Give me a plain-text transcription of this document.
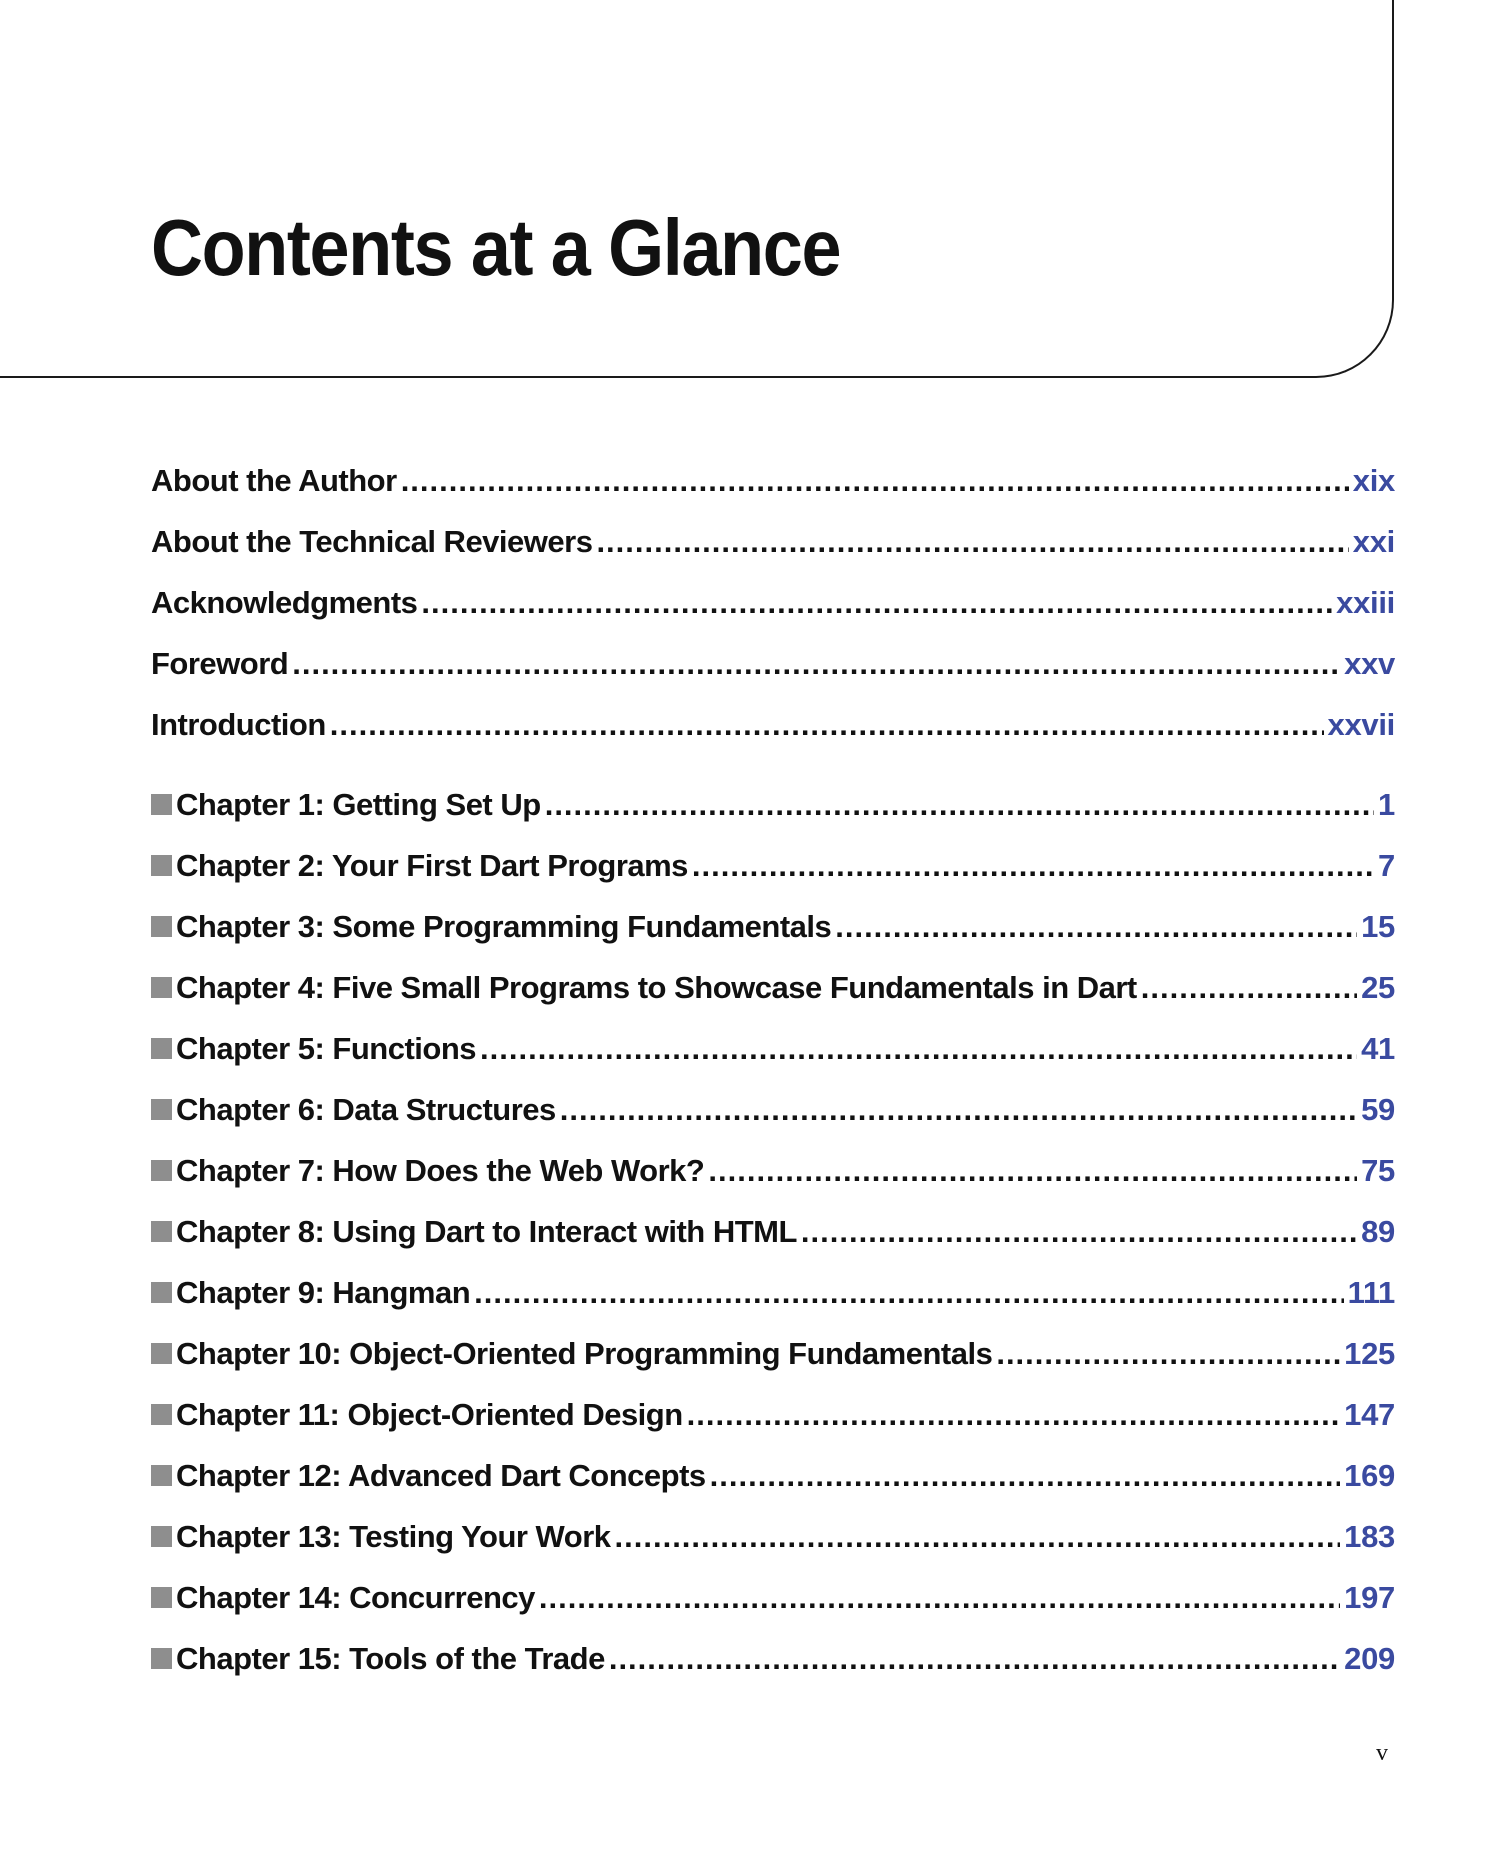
Contents at a Glance
About the Author .....	xix
About the Technical Reviewers .....	xxi
Acknowledgments .....	xxiii
Foreword .....	xxv
Introduction .....	xxvii
Chapter 1: Getting Set Up .....	1
Chapter 2: Your First Dart Programs .....	7
Chapter 3: Some Programming Fundamentals .....	15
Chapter 4: Five Small Programs to Showcase Fundamentals in Dart .....	25
Chapter 5: Functions .....	41
Chapter 6: Data Structures .....	59
Chapter 7: How Does the Web Work? .....	75
Chapter 8: Using Dart to Interact with HTML .....	89
Chapter 9: Hangman .....	111
Chapter 10: Object-Oriented Programming Fundamentals .....	125
Chapter 11: Object-Oriented Design .....	147
Chapter 12: Advanced Dart Concepts .....	169
Chapter 13: Testing Your Work .....	183
Chapter 14: Concurrency .....	197
Chapter 15: Tools of the Trade .....	209
v
